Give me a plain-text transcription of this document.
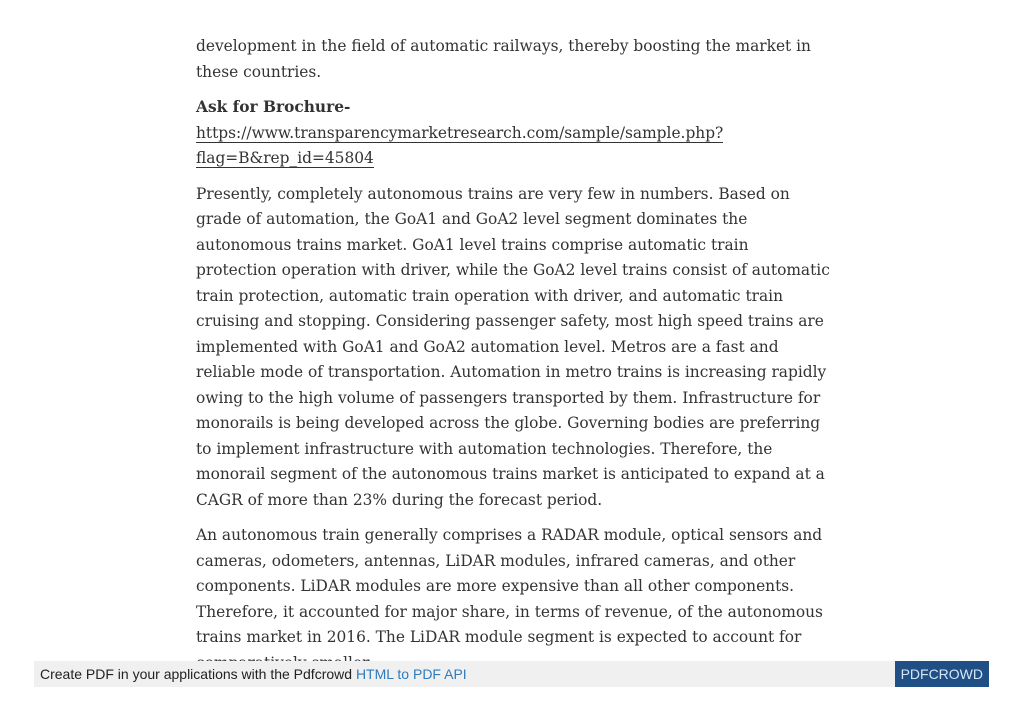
development in the field of automatic railways, thereby boosting the market in these countries.

Ask for Brochure-
https://www.transparencymarketresearch.com/sample/sample.php?flag=B&rep_id=45804

Presently, completely autonomous trains are very few in numbers. Based on grade of automation, the GoA1 and GoA2 level segment dominates the autonomous trains market. GoA1 level trains comprise automatic train protection operation with driver, while the GoA2 level trains consist of automatic train protection, automatic train operation with driver, and automatic train cruising and stopping. Considering passenger safety, most high speed trains are implemented with GoA1 and GoA2 automation level. Metros are a fast and reliable mode of transportation. Automation in metro trains is increasing rapidly owing to the high volume of passengers transported by them. Infrastructure for monorails is being developed across the globe. Governing bodies are preferring to implement infrastructure with automation technologies. Therefore, the monorail segment of the autonomous trains market is anticipated to expand at a CAGR of more than 23% during the forecast period.

An autonomous train generally comprises a RADAR module, optical sensors and cameras, odometers, antennas, LiDAR modules, infrared cameras, and other components. LiDAR modules are more expensive than all other components. Therefore, it accounted for major share, in terms of revenue, of the autonomous trains market in 2016. The LiDAR module segment is expected to account for

Create PDF in your applications with the Pdfcrowd HTML to PDF API	PDFCROWD
